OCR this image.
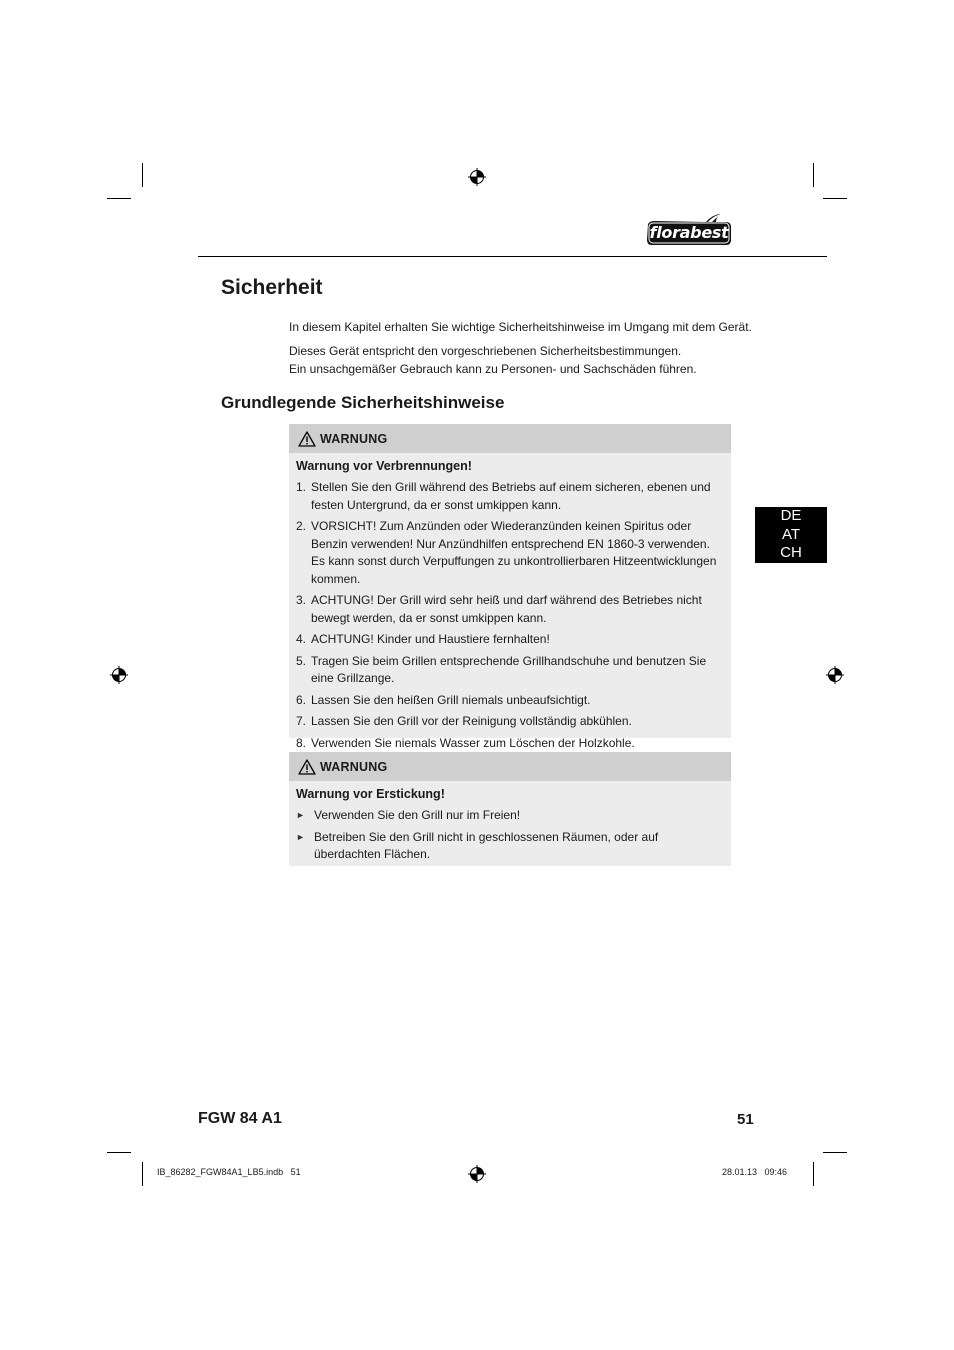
florabest
Sicherheit

In diesem Kapitel erhalten Sie wichtige Sicherheitshinweise im Umgang mit dem Gerät.

Dieses Gerät entspricht den vorgeschriebenen Sicherheitsbestimmungen.

Ein unsachgemäßer Gebrauch kann zu Personen- und Sachschäden führen.

Grundlegende Sicherheitshinweise
WARNUNG

Warnung vor Verbrennungen!

1. Stellen Sie den Grill während des Betriebs auf einem sicheren, ebenen und festen Untergrund, da er sonst umkippen kann.
2. VORSICHT! Zum Anzünden oder Wiederanzünden keinen Spiritus oder Benzin verwenden! Nur Anzündhilfen entsprechend EN 1860-3 verwenden. Es kann sonst durch Verpuffungen zu unkontrollierbaren Hitzeentwicklungen kommen.
3. ACHTUNG! Der Grill wird sehr heiß und darf während des Betriebes nicht bewegt werden, da er sonst umkippen kann.
4. ACHTUNG! Kinder und Haustiere fernhalten!
5. Tragen Sie beim Grillen entsprechende Grillhandschuhe und benutzen Sie eine Grillzange.
6. Lassen Sie den heißen Grill niemals unbeaufsichtigt.
7. Lassen Sie den Grill vor der Reinigung vollständig abkühlen.
8. Verwenden Sie niemals Wasser zum Löschen der Holzkohle.
WARNUNG

Warnung vor Erstickung!

► Verwenden Sie den Grill nur im Freien!
► Betreiben Sie den Grill nicht in geschlossenen Räumen, oder auf überdachten Flächen.
DE
AT
CH
FGW 84 A1	51
IB_86282_FGW84A1_LB5.indb   51	28.01.13   09:46
